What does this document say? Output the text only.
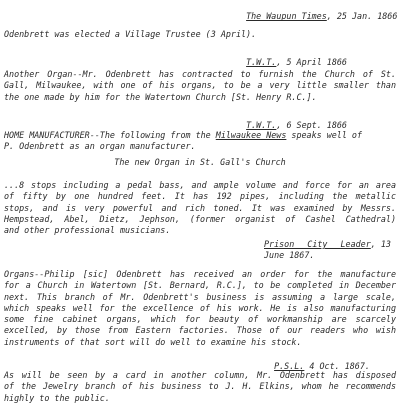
The Waupun Times, 25 Jan. 1866

Odenbrett was elected a Village Trustee (3 April).

T.W.T., 5 April 1866

Another Organ--Mr. Odenbrett has contracted to furnish the Church of St.
Gall, Milwaukee, with one of his organs, to be a very little smaller than
the one made by him for the Watertown Church [St. Henry R.C.].

T.W.T., 6 Sept. 1866

HOME MANUFACTURER--The following from the Milwaukee News speaks well of
P. Odenbrett as an organ manufacturer.
The new Organ in St. Gall's Church
...8 stops including a pedal bass, and ample volume and force for an area
of fifty by one hundred feet. It has 192 pipes, including the metallic
stops, and is very powerful and rich toned. It was examined by Messrs.
Hempstead, Abel, Dietz, Jephson, (former organist of Cashel Cathedral)
and other professional musicians.
Prison City Leader, 13 June 1867.
Organs--Philip [sic] Odenbrett has received an order for the manufacture
for a Church in Watertown [St. Bernard, R.C.], to be completed in December
next. This branch of Mr. Odenbrett's business is assuming a large scale,
which speaks well for the excellence of his work. He is also manufacturing
some fine cabinet organs, which for beauty of workmanship are scarcely
excelled, by those from Eastern factories. Those of our readers who wish
instruments of that sort will do well to examine his stock.

P.S.L. 4 Oct. 1867.

As will be seen by a card in another column, Mr. Odenbrett has disposed
of the Jewelry branch of his business to J. H. Elkins, whom he recommends
highly to the public.
